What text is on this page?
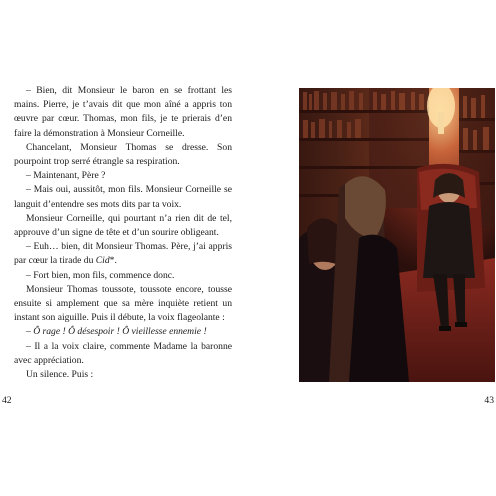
– Bien, dit Monsieur le baron en se frottant les mains. Pierre, je t’avais dit que mon aîné a appris ton œuvre par cœur. Thomas, mon fils, je te prierais d’en faire la démonstration à Monsieur Corneille.

Chancelant, Monsieur Thomas se dresse. Son pourpoint trop serré étrangle sa respiration.

– Maintenant, Père ?

– Mais oui, aussitôt, mon fils. Monsieur Corneille se languit d’entendre ses mots dits par ta voix.

Monsieur Corneille, qui pourtant n’a rien dit de tel, approuve d’un signe de tête et d’un sourire obligeant.

– Euh… bien, dit Monsieur Thomas. Père, j’ai appris par cœur la tirade du Cid*.

– Fort bien, mon fils, commence donc.

Monsieur Thomas toussote, toussote encore, tousse ensuite si amplement que sa mère inquiète retient un instant son aiguille. Puis il débute, la voix flageolante :

– Ô rage ! Ô désespoir ! Ô vieillesse ennemie !

– Il a la voix claire, commente Madame la baronne avec appréciation.

Un silence. Puis :

42	43
